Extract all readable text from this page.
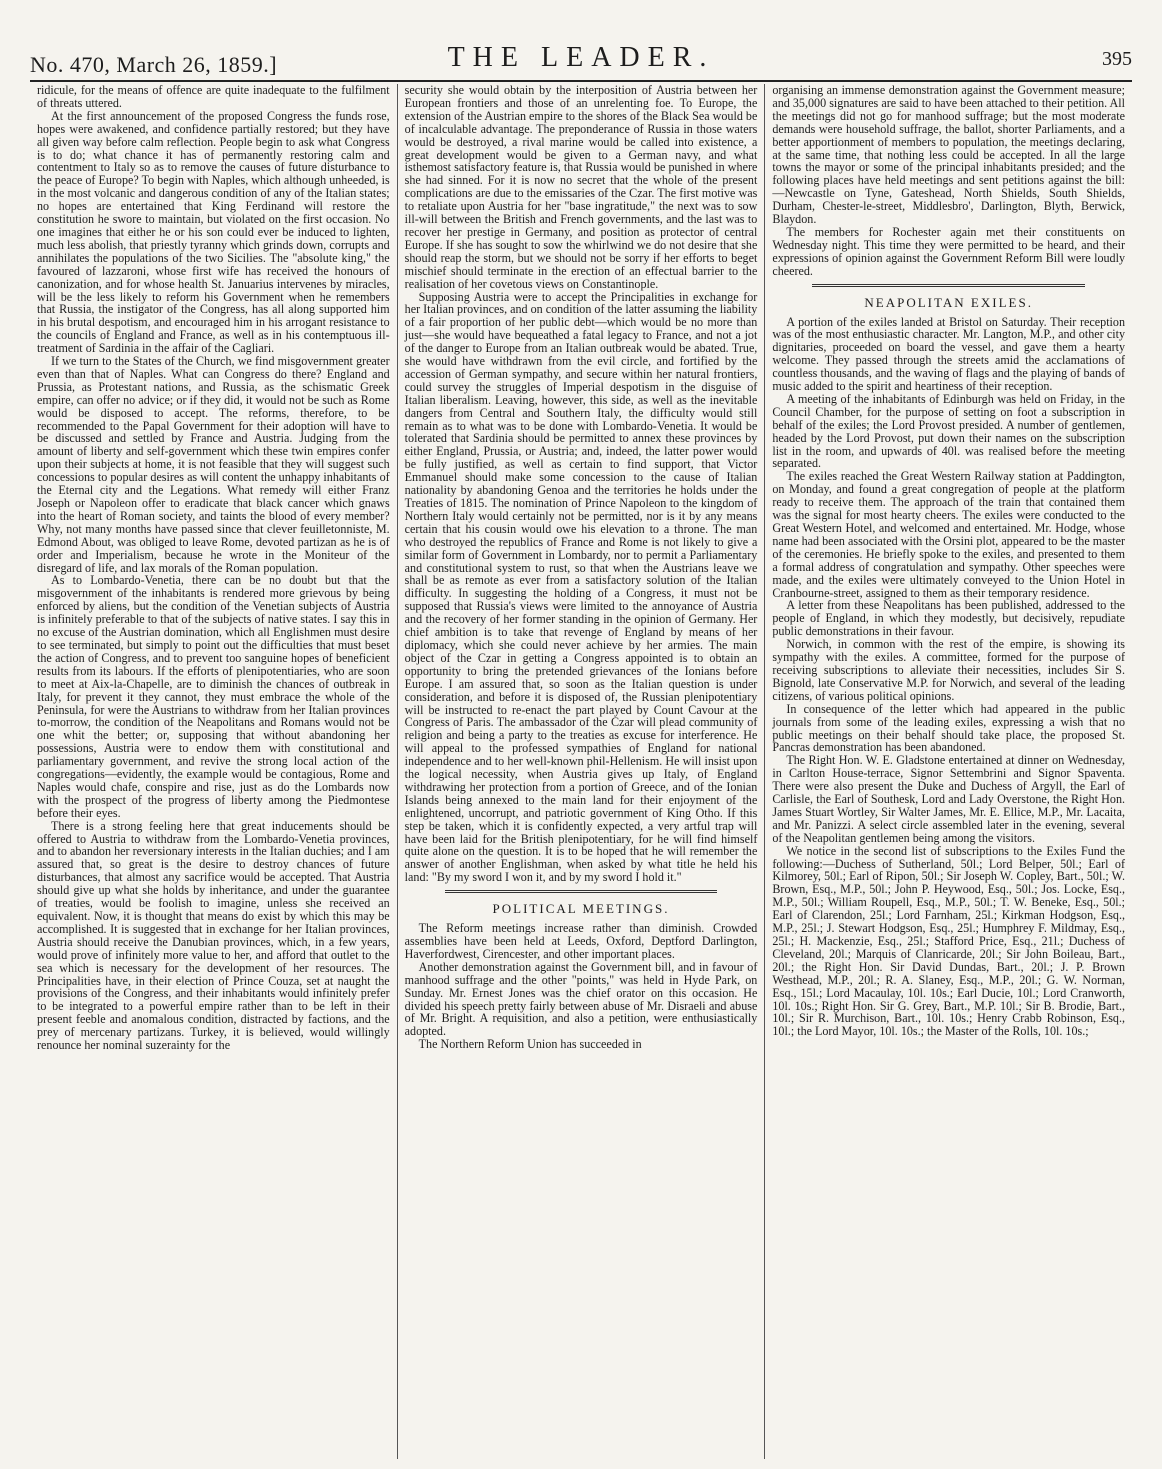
No. 470, March 26, 1859.]	THE LEADER.	395

ridicule, for the means of offence are quite inadequate to the fulfilment of threats uttered.

At the first announcement of the proposed Congress the funds rose, hopes were awakened, and confidence partially restored; but they have all given way before calm reflection. People begin to ask what Congress is to do; what chance it has of permanently restoring calm and contentment to Italy so as to remove the causes of future disturbance to the peace of Europe? To begin with Naples, which although unheeded, is in the most volcanic and dangerous condition of any of the Italian states; no hopes are entertained that King Ferdinand will restore the constitution he swore to maintain, but violated on the first occasion. No one imagines that either he or his son could ever be induced to lighten, much less abolish, that priestly tyranny which grinds down, corrupts and annihilates the populations of the two Sicilies. The "absolute king," the favoured of lazzaroni, whose first wife has received the honours of canonization, and for whose health St. Januarius intervenes by miracles, will be the less likely to reform his Government when he remembers that Russia, the instigator of the Congress, has all along supported him in his brutal despotism, and encouraged him in his arrogant resistance to the councils of England and France, as well as in his contemptuous ill-treatment of Sardinia in the affair of the Cagliari.

If we turn to the States of the Church, we find misgovernment greater even than that of Naples. What can Congress do there? England and Prussia, as Protestant nations, and Russia, as the schismatic Greek empire, can offer no advice; or if they did, it would not be such as Rome would be disposed to accept. The reforms, therefore, to be recommended to the Papal Government for their adoption will have to be discussed and settled by France and Austria. Judging from the amount of liberty and self-government which these twin empires confer upon their subjects at home, it is not feasible that they will suggest such concessions to popular desires as will content the unhappy inhabitants of the Eternal city and the Legations. What remedy will either Franz Joseph or Napoleon offer to eradicate that black cancer which gnaws into the heart of Roman society, and taints the blood of every member? Why, not many months have passed since that clever feuilletonniste, M. Edmond About, was obliged to leave Rome, devoted partizan as he is of order and Imperialism, because he wrote in the Moniteur of the disregard of life, and lax morals of the Roman population.

As to Lombardo-Venetia, there can be no doubt but that the misgovernment of the inhabitants is rendered more grievous by being enforced by aliens, but the condition of the Venetian subjects of Austria is infinitely preferable to that of the subjects of native states. I say this in no excuse of the Austrian domination, which all Englishmen must desire to see terminated, but simply to point out the difficulties that must beset the action of Congress, and to prevent too sanguine hopes of beneficient results from its labours. If the efforts of plenipotentiaries, who are soon to meet at Aix-la-Chapelle, are to diminish the chances of outbreak in Italy, for prevent it they cannot, they must embrace the whole of the Peninsula, for were the Austrians to withdraw from her Italian provinces to-morrow, the condition of the Neapolitans and Romans would not be one whit the better; or, supposing that without abandoning her possessions, Austria were to endow them with constitutional and parliamentary government, and revive the strong local action of the congregations—evidently, the example would be contagious, Rome and Naples would chafe, conspire and rise, just as do the Lombards now with the prospect of the progress of liberty among the Piedmontese before their eyes.

There is a strong feeling here that great inducements should be offered to Austria to withdraw from the Lombardo-Venetia provinces, and to abandon her reversionary interests in the Italian duchies; and I am assured that, so great is the desire to destroy chances of future disturbances, that almost any sacrifice would be accepted. That Austria should give up what she holds by inheritance, and under the guarantee of treaties, would be foolish to imagine, unless she received an equivalent. Now, it is thought that means do exist by which this may be accomplished. It is suggested that in exchange for her Italian provinces, Austria should receive the Danubian provinces, which, in a few years, would prove of infinitely more value to her, and afford that outlet to the sea which is necessary for the development of her resources. The Principalities have, in their election of Prince Couza, set at naught the provisions of the Congress, and their inhabitants would infinitely prefer to be integrated to a powerful empire rather than to be left in their present feeble and anomalous condition, distracted by factions, and the prey of mercenary partizans. Turkey, it is believed, would willingly renounce her nominal suzerainty for the

security she would obtain by the interposition of Austria between her European frontiers and those of an unrelenting foe. To Europe, the extension of the Austrian empire to the shores of the Black Sea would be of incalculable advantage. The preponderance of Russia in those waters would be destroyed, a rival marine would be called into existence, a great development would be given to a German navy, and what isthemost satisfactory feature is, that Russia would be punished in where she had sinned. For it is now no secret that the whole of the present complications are due to the emissaries of the Czar. The first motive was to retaliate upon Austria for her "base ingratitude," the next was to sow ill-will between the British and French governments, and the last was to recover her prestige in Germany, and position as protector of central Europe. If she has sought to sow the whirlwind we do not desire that she should reap the storm, but we should not be sorry if her efforts to beget mischief should terminate in the erection of an effectual barrier to the realisation of her covetous views on Constantinople.

Supposing Austria were to accept the Principalities in exchange for her Italian provinces, and on condition of the latter assuming the liability of a fair proportion of her public debt—which would be no more than just—she would have bequeathed a fatal legacy to France, and not a jot of the danger to Europe from an Italian outbreak would be abated. True, she would have withdrawn from the evil circle, and fortified by the accession of German sympathy, and secure within her natural frontiers, could survey the struggles of Imperial despotism in the disguise of Italian liberalism. Leaving, however, this side, as well as the inevitable dangers from Central and Southern Italy, the difficulty would still remain as to what was to be done with Lombardo-Venetia. It would be tolerated that Sardinia should be permitted to annex these provinces by either England, Prussia, or Austria; and, indeed, the latter power would be fully justified, as well as certain to find support, that Victor Emmanuel should make some concession to the cause of Italian nationality by abandoning Genoa and the territories he holds under the Treaties of 1815. The nomination of Prince Napoleon to the kingdom of Northern Italy would certainly not be permitted, nor is it by any means certain that his cousin would owe his elevation to a throne. The man who destroyed the republics of France and Rome is not likely to give a similar form of Government in Lombardy, nor to permit a Parliamentary and constitutional system to rust, so that when the Austrians leave we shall be as remote as ever from a satisfactory solution of the Italian difficulty. In suggesting the holding of a Congress, it must not be supposed that Russia's views were limited to the annoyance of Austria and the recovery of her former standing in the opinion of Germany. Her chief ambition is to take that revenge of England by means of her diplomacy, which she could never achieve by her armies. The main object of the Czar in getting a Congress appointed is to obtain an opportunity to bring the pretended grievances of the Ionians before Europe. I am assured that, so soon as the Italian question is under consideration, and before it is disposed of, the Russian plenipotentiary will be instructed to re-enact the part played by Count Cavour at the Congress of Paris. The ambassador of the Czar will plead community of religion and being a party to the treaties as excuse for interference. He will appeal to the professed sympathies of England for national independence and to her well-known phil-Hellenism. He will insist upon the logical necessity, when Austria gives up Italy, of England withdrawing her protection from a portion of Greece, and of the Ionian Islands being annexed to the main land for their enjoyment of the enlightened, uncorrupt, and patriotic government of King Otho. If this step be taken, which it is confidently expected, a very artful trap will have been laid for the British plenipotentiary, for he will find himself quite alone on the question. It is to be hoped that he will remember the answer of another Englishman, when asked by what title he held his land: "By my sword I won it, and by my sword I hold it."

POLITICAL MEETINGS.

The Reform meetings increase rather than diminish. Crowded assemblies have been held at Leeds, Oxford, Deptford Darlington, Haverfordwest, Cirencester, and other important places.

Another demonstration against the Government bill, and in favour of manhood suffrage and the other "points," was held in Hyde Park, on Sunday. Mr. Ernest Jones was the chief orator on this occasion. He divided his speech pretty fairly between abuse of Mr. Disraeli and abuse of Mr. Bright. A requisition, and also a petition, were enthusiastically adopted.

The Northern Reform Union has succeeded in

organising an immense demonstration against the Government measure; and 35,000 signatures are said to have been attached to their petition. All the meetings did not go for manhood suffrage; but the most moderate demands were household suffrage, the ballot, shorter Parliaments, and a better apportionment of members to population, the meetings declaring, at the same time, that nothing less could be accepted. In all the large towns the mayor or some of the principal inhabitants presided; and the following places have held meetings and sent petitions against the bill:—Newcastle on Tyne, Gateshead, North Shields, South Shields, Durham, Chester-le-street, Middlesbro', Darlington, Blyth, Berwick, Blaydon.

The members for Rochester again met their constituents on Wednesday night. This time they were permitted to be heard, and their expressions of opinion against the Government Reform Bill were loudly cheered.

NEAPOLITAN EXILES.

A portion of the exiles landed at Bristol on Saturday. Their reception was of the most enthusiastic character. Mr. Langton, M.P., and other city dignitaries, proceeded on board the vessel, and gave them a hearty welcome. They passed through the streets amid the acclamations of countless thousands, and the waving of flags and the playing of bands of music added to the spirit and heartiness of their reception.

A meeting of the inhabitants of Edinburgh was held on Friday, in the Council Chamber, for the purpose of setting on foot a subscription in behalf of the exiles; the Lord Provost presided. A number of gentlemen, headed by the Lord Provost, put down their names on the subscription list in the room, and upwards of 40l. was realised before the meeting separated.

The exiles reached the Great Western Railway station at Paddington, on Monday, and found a great congregation of people at the platform ready to receive them. The approach of the train that contained them was the signal for most hearty cheers. The exiles were conducted to the Great Western Hotel, and welcomed and entertained. Mr. Hodge, whose name had been associated with the Orsini plot, appeared to be the master of the ceremonies. He briefly spoke to the exiles, and presented to them a formal address of congratulation and sympathy. Other speeches were made, and the exiles were ultimately conveyed to the Union Hotel in Cranbourne-street, assigned to them as their temporary residence.

A letter from these Neapolitans has been published, addressed to the people of England, in which they modestly, but decisively, repudiate public demonstrations in their favour.

Norwich, in common with the rest of the empire, is showing its sympathy with the exiles. A committee, formed for the purpose of receiving subscriptions to alleviate their necessities, includes Sir S. Bignold, late Conservative M.P. for Norwich, and several of the leading citizens, of various political opinions.

In consequence of the letter which had appeared in the public journals from some of the leading exiles, expressing a wish that no public meetings on their behalf should take place, the proposed St. Pancras demonstration has been abandoned.

The Right Hon. W. E. Gladstone entertained at dinner on Wednesday, in Carlton House-terrace, Signor Settembrini and Signor Spaventa. There were also present the Duke and Duchess of Argyll, the Earl of Carlisle, the Earl of Southesk, Lord and Lady Overstone, the Right Hon. James Stuart Wortley, Sir Walter James, Mr. E. Ellice, M.P., Mr. Lacaita, and Mr. Panizzi. A select circle assembled later in the evening, several of the Neapolitan gentlemen being among the visitors.

We notice in the second list of subscriptions to the Exiles Fund the following:—Duchess of Sutherland, 50l.; Lord Belper, 50l.; Earl of Kilmorey, 50l.; Earl of Ripon, 50l.; Sir Joseph W. Copley, Bart., 50l.; W. Brown, Esq., M.P., 50l.; John P. Heywood, Esq., 50l.; Jos. Locke, Esq., M.P., 50l.; William Roupell, Esq., M.P., 50l.; T. W. Beneke, Esq., 50l.; Earl of Clarendon, 25l.; Lord Farnham, 25l.; Kirkman Hodgson, Esq., M.P., 25l.; J. Stewart Hodgson, Esq., 25l.; Humphrey F. Mildmay, Esq., 25l.; H. Mackenzie, Esq., 25l.; Stafford Price, Esq., 21l.; Duchess of Cleveland, 20l.; Marquis of Clanricarde, 20l.; Sir John Boileau, Bart., 20l.; the Right Hon. Sir David Dundas, Bart., 20l.; J. P. Brown Westhead, M.P., 20l.; R. A. Slaney, Esq., M.P., 20l.; G. W. Norman, Esq., 15l.; Lord Macaulay, 10l. 10s.; Earl Ducie, 10l.; Lord Cranworth, 10l. 10s.; Right Hon. Sir G. Grey, Bart., M.P. 10l.; Sir B. Brodie, Bart., 10l.; Sir R. Murchison, Bart., 10l. 10s.; Henry Crabb Robinson, Esq., 10l.; the Lord Mayor, 10l. 10s.; the Master of the Rolls, 10l. 10s.;
